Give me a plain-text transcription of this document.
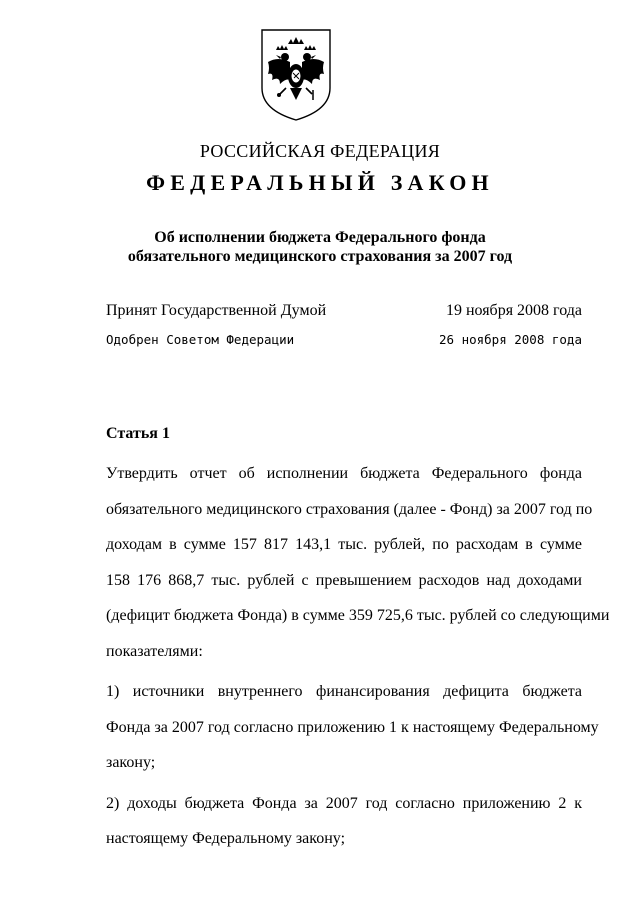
РОССИЙСКАЯ ФЕДЕРАЦИЯ
ФЕДЕРАЛЬНЫЙ ЗАКОН
Об исполнении бюджета Федерального фонда
обязательного медицинского страхования за 2007 год
Принят Государственной Думой	19 ноября 2008 года
Одобрен Советом Федерации	26 ноября 2008 года
Статья 1

Утвердить отчет об исполнении бюджета Федерального фонда
обязательного медицинского страхования (далее - Фонд) за 2007 год по
доходам в сумме 157 817 143,1 тыс. рублей, по расходам в сумме
158 176 868,7 тыс. рублей с превышением расходов над доходами
(дефицит бюджета Фонда) в сумме 359 725,6 тыс. рублей со следующими
показателями:

1) источники внутреннего финансирования дефицита бюджета
Фонда за 2007 год согласно приложению 1 к настоящему Федеральному
закону;

2) доходы бюджета Фонда за 2007 год согласно приложению 2 к
настоящему Федеральному закону;
